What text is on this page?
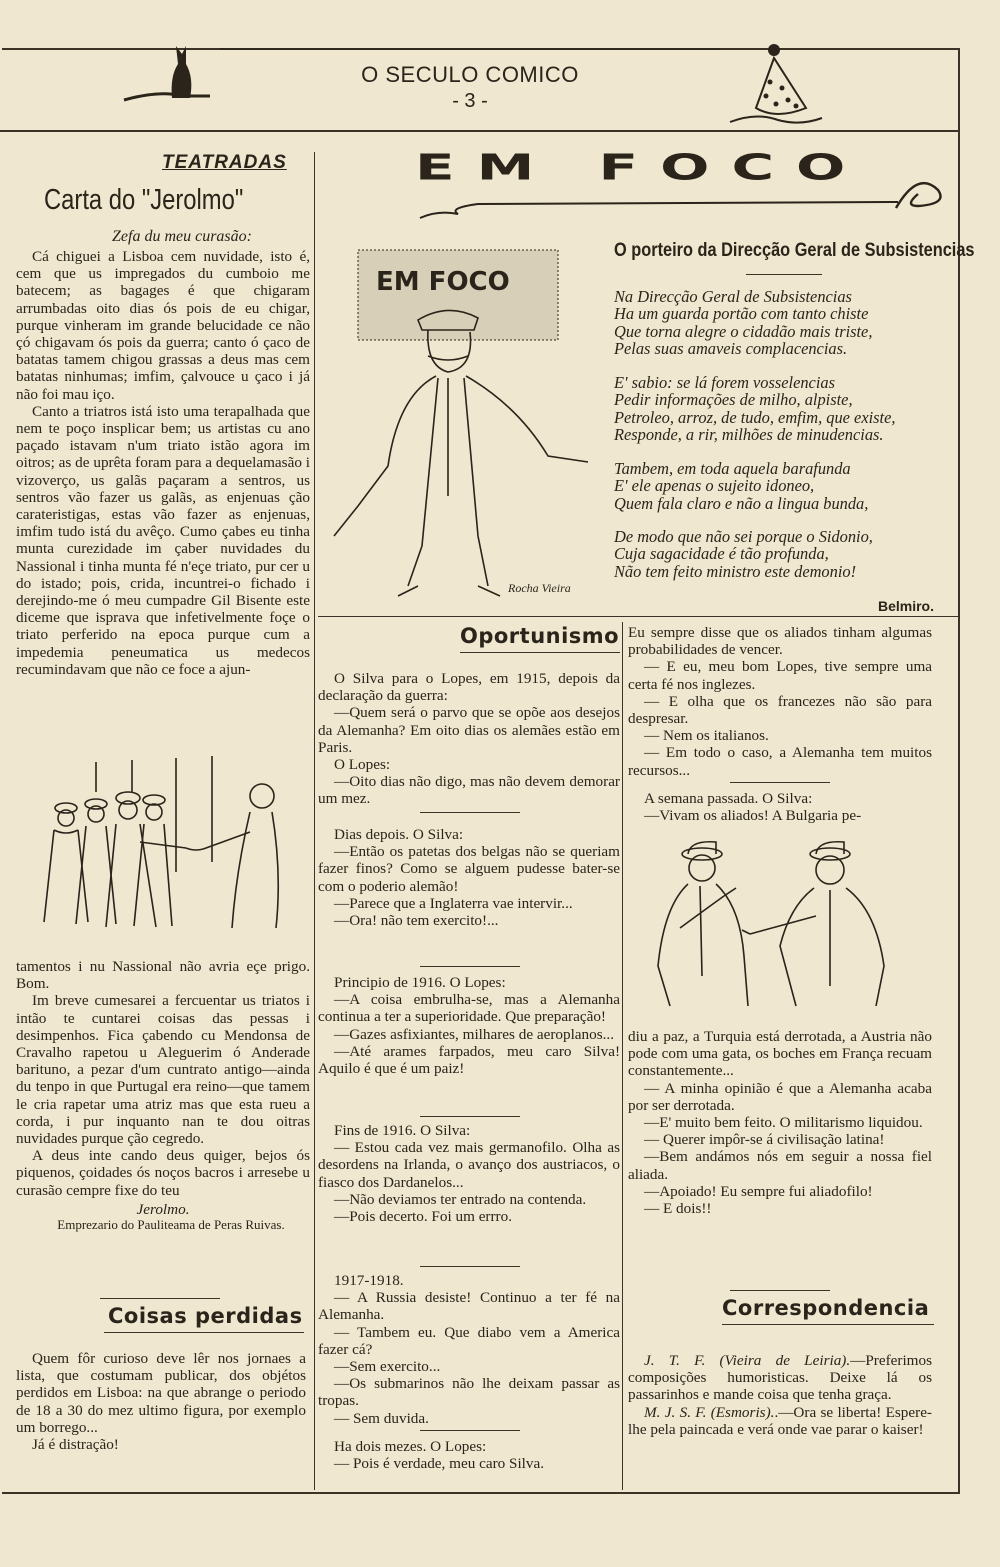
O SECULO COMICO
- 3 -
TEATRADAS
Carta do "Jerolmo"
Zefa du meu curasão:

Cá chiguei a Lisboa cem nuvidade, isto é, cem que us impregados du cumboio me batecem; as bagages é que chigaram arrumbadas oito dias ós pois de eu chigar, purque vinheram im grande belucidade ce não çó chigavam ós pois da guerra; canto ó çaco de batatas tamem chigou grassas a deus mas cem batatas ninhumas; imfim, çalvouce u çaco i já não foi mau iço.

Canto a triatros istá isto uma terapalhada que nem te poço insplicar bem; us artistas cu ano paçado istavam n'um triato istão agora im oitros; as de uprêta foram para a dequelamasão i vizoverço, us galãs paçaram a sentros, us sentros vão fazer us galãs, as enjenuas ção carateristigas, estas vão fazer as enjenuas, imfim tudo istá du avêço. Cumo çabes eu tinha munta curezidade im çaber nuvidades du Nassional i tinha munta fé n'eçe triato, pur cer u do istado; pois, crida, incuntrei-o fichado i derejindo-me ó meu cumpadre Gil Bisente este diceme que isprava que infetivelmente foçe o triato perferido na epoca purque cum a impedemia peneumatica us medecos recumindavam que não ce foce a ajun-

tamentos i nu Nassional não avria eçe prigo. Bom.

Im breve cumesarei a fercuentar us triatos i intão te cuntarei coisas das pessas i desimpenhos. Fica çabendo cu Mendonsa de Cravalho rapetou u Aleguerim ó Anderade barituno, a pezar d'um cuntrato antigo—ainda du tenpo in que Purtugal era reino—que tamem le cria rapetar uma atriz mas que esta rueu a corda, i pur inquanto nan te dou oitras nuvidades purque ção cegredo.

A deus inte cando deus quiger, bejos ós piquenos, çoidades ós noços bacros i arresebe u curasão cempre fixe do teu

Jerolmo.

Emprezario do Pauliteama de Peras Ruivas.

Coisas perdidas

Quem fôr curioso deve lêr nos jornaes a lista, que costumam publicar, dos objétos perdidos em Lisboa: na que abrange o periodo de 18 a 30 do mez ultimo figura, por exemplo um borrego...

Já é distração!

EM FOCO
EM FOCO
Rocha Vieira
O porteiro da Direcção Geral de Subsistencias
Na Direcção Geral de Subsistencias
Ha um guarda portão com tanto chiste
Que torna alegre o cidadão mais triste,
Pelas suas amaveis complacencias.
E' sabio: se lá forem vosselencias
Pedir informações de milho, alpiste,
Petroleo, arroz, de tudo, emfim, que existe,
Responde, a rir, milhões de minudencias.
Tambem, em toda aquela barafunda
E' ele apenas o sujeito idoneo,
Quem fala claro e não a lingua bunda,
De modo que não sei porque o Sidonio,
Cuja sagacidade é tão profunda,
Não tem feito ministro este demonio!
Belmiro.
Oportunismo

O Silva para o Lopes, em 1915, depois da declaração da guerra:

—Quem será o parvo que se opõe aos desejos da Alemanha? Em oito dias os alemães estão em Paris.

O Lopes:

—Oito dias não digo, mas não devem demorar um mez.

Dias depois. O Silva:

—Então os patetas dos belgas não se queriam fazer finos? Como se alguem pudesse bater-se com o poderio alemão!

—Parece que a Inglaterra vae intervir...

—Ora! não tem exercito!...

Principio de 1916. O Lopes:

—A coisa embrulha-se, mas a Alemanha continua a ter a superioridade. Que preparação!

—Gazes asfixiantes, milhares de aeroplanos...

—Até arames farpados, meu caro Silva! Aquilo é que é um paiz!

Fins de 1916. O Silva:

— Estou cada vez mais germanofilo. Olha as desordens na Irlanda, o avanço dos austriacos, o fiasco dos Dardanelos...

—Não deviamos ter entrado na contenda.

—Pois decerto. Foi um errro.

1917-1918.

— A Russia desiste! Continuo a ter fé na Alemanha.

— Tambem eu. Que diabo vem a America fazer cá?

—Sem exercito...

—Os submarinos não lhe deixam passar as tropas.

— Sem duvida.

Ha dois mezes. O Lopes:

— Pois é verdade, meu caro Silva.

Eu sempre disse que os aliados tinham algumas probabilidades de vencer.

— E eu, meu bom Lopes, tive sempre uma certa fé nos inglezes.

— E olha que os francezes não são para despresar.

— Nem os italianos.

— Em todo o caso, a Alemanha tem muitos recursos...

A semana passada. O Silva:

—Vivam os aliados! A Bulgaria pe-

diu a paz, a Turquia está derrotada, a Austria não pode com uma gata, os boches em França recuam constantemente...

— A minha opinião é que a Alemanha acaba por ser derrotada.

—E' muito bem feito. O militarismo liquidou.

— Querer impôr-se á civilisação latina!

—Bem andámos nós em seguir a nossa fiel aliada.

—Apoiado! Eu sempre fui aliadofilo!

— E dois!!

Correspondencia

J. T. F. (Vieira de Leiria).—Preferimos composições humoristicas. Deixe lá os passarinhos e mande coisa que tenha graça.

M. J. S. F. (Esmoris)..—Ora se liberta! Espere-lhe pela paincada e verá onde vae parar o kaiser!
